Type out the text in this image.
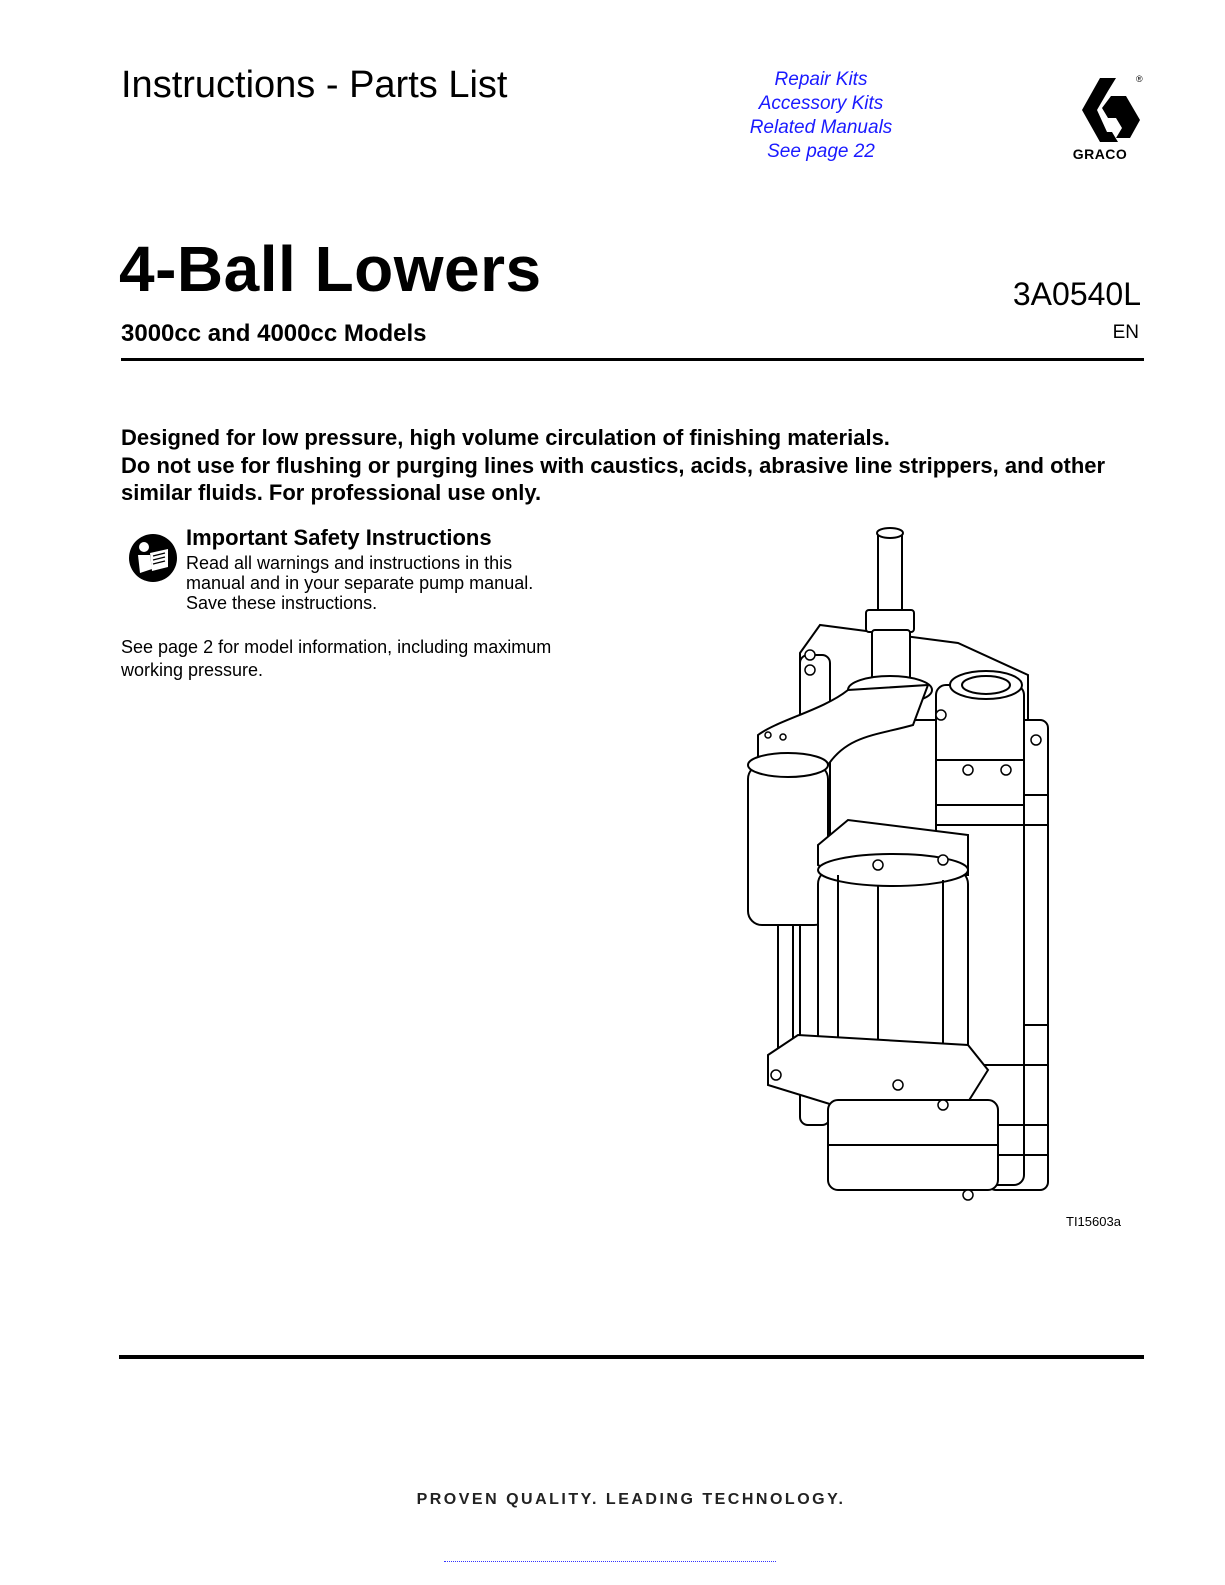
Instructions - Parts List	Repair Kits
Accessory Kits
Related Manuals
See page 22
®
GRACO
4-Ball Lowers	3A0540L
3000cc and 4000cc Models	EN

Designed for low pressure, high volume circulation of finishing materials.

Do not use for flushing or purging lines with caustics, acids, abrasive line strippers, and other similar fluids. For professional use only.

Important Safety Instructions
Read all warnings and instructions in this manual and in your separate pump manual. Save these instructions.
See page 2 for model information, including maximum working pressure.
TI15603a
PROVEN QUALITY. LEADING TECHNOLOGY.
